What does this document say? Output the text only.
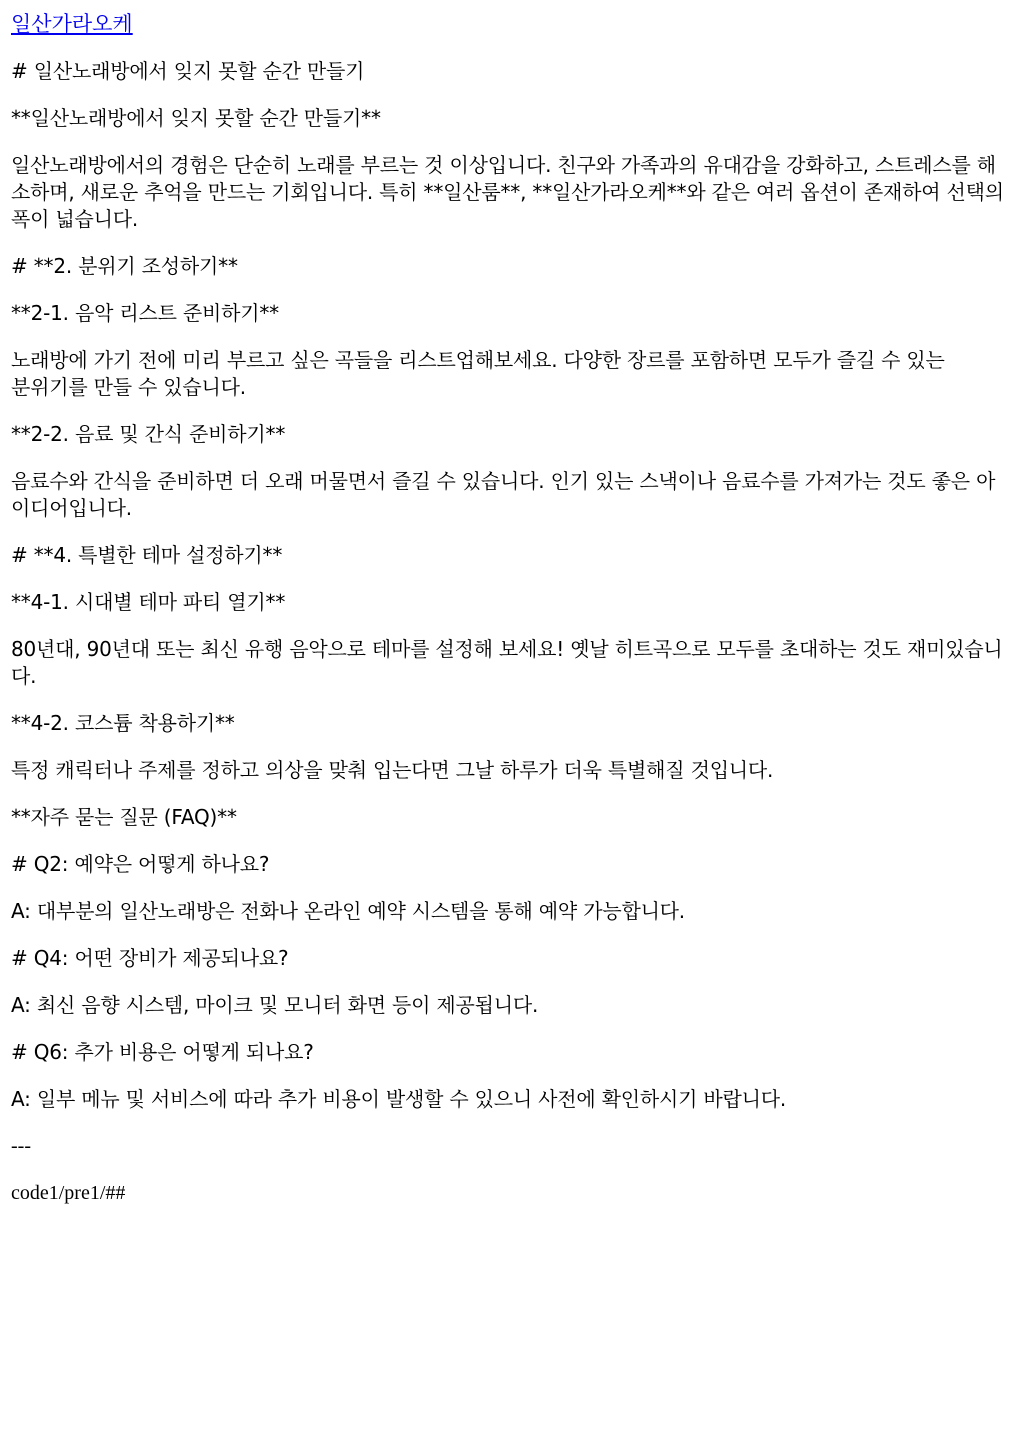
일산가라오케

# 일산노래방에서 잊지 못할 순간 만들기

**일산노래방에서 잊지 못할 순간 만들기**

일산노래방에서의 경험은 단순히 노래를 부르는 것 이상입니다. 친구와 가족과의 유대감을 강화하고, 스트레스를 해소하며, 새로운 추억을 만드는 기회입니다. 특히 **일산룸**, **일산가라오케**와 같은 여러 옵션이 존재하여 선택의 폭이 넓습니다.

# **2. 분위기 조성하기**

**2-1. 음악 리스트 준비하기**

노래방에 가기 전에 미리 부르고 싶은 곡들을 리스트업해보세요. 다양한 장르를 포함하면 모두가 즐길 수 있는 분위기를 만들 수 있습니다.

**2-2. 음료 및 간식 준비하기**

음료수와 간식을 준비하면 더 오래 머물면서 즐길 수 있습니다. 인기 있는 스낵이나 음료수를 가져가는 것도 좋은 아이디어입니다.

# **4. 특별한 테마 설정하기**

**4-1. 시대별 테마 파티 열기**

80년대, 90년대 또는 최신 유행 음악으로 테마를 설정해 보세요! 옛날 히트곡으로 모두를 초대하는 것도 재미있습니다.

**4-2. 코스튬 착용하기**

특정 캐릭터나 주제를 정하고 의상을 맞춰 입는다면 그날 하루가 더욱 특별해질 것입니다.

**자주 묻는 질문 (FAQ)**

# Q2: 예약은 어떻게 하나요?

A: 대부분의 일산노래방은 전화나 온라인 예약 시스템을 통해 예약 가능합니다.

# Q4: 어떤 장비가 제공되나요?

A: 최신 음향 시스템, 마이크 및 모니터 화면 등이 제공됩니다.

# Q6: 추가 비용은 어떻게 되나요?

A: 일부 메뉴 및 서비스에 따라 추가 비용이 발생할 수 있으니 사전에 확인하시기 바랍니다.

---

code1/pre1/##
